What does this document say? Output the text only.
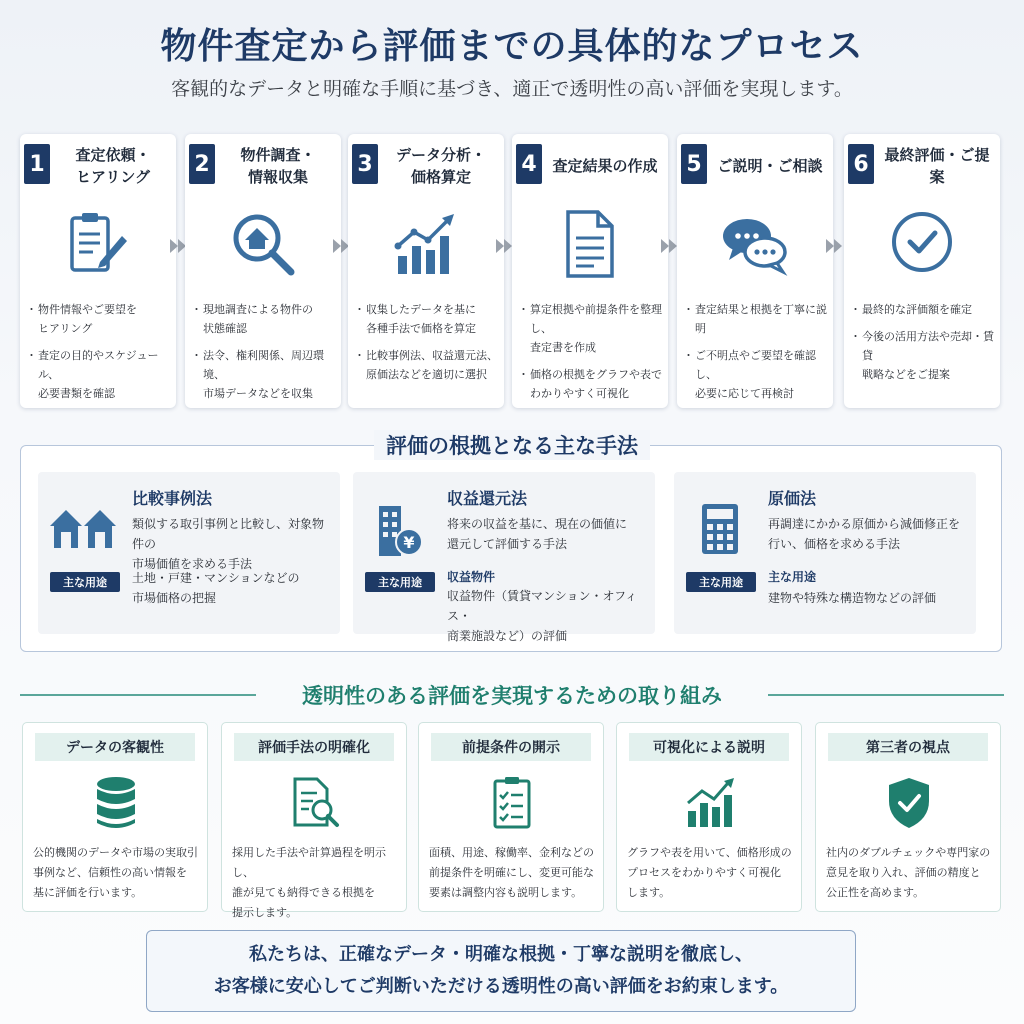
物件査定から評価までの具体的なプロセス
客観的なデータと明確な手順に基づき、適正で透明性の高い評価を実現します。
1	査定依頼・
ヒアリング
・ 物件情報やご要望を
ヒアリング
・ 査定の目的やスケジュール、
必要書類を確認
2	物件調査・
情報収集
・ 現地調査による物件の
状態確認
・ 法令、権利関係、周辺環境、
市場データなどを収集
3	データ分析・
価格算定
・ 収集したデータを基に
各種手法で価格を算定
・ 比較事例法、収益還元法、
原価法などを適切に選択
4	査定結果の作成
・ 算定根拠や前提条件を整理し、
査定書を作成
・ 価格の根拠をグラフや表で
わかりやすく可視化
5	ご説明・ご相談
・ 査定結果と根拠を丁寧に説明
・ ご不明点やご要望を確認し、
必要に応じて再検討
6	最終評価・ご提案
・ 最終的な評価額を確定
・ 今後の活用方法や売却・賃貸
戦略などをご提案
評価の根拠となる主な手法
比較事例法
類似する取引事例と比較し、対象物件の
市場価値を求める手法
主な用途	土地・戸建・マンションなどの
市場価格の把握
¥
収益還元法
将来の収益を基に、現在の価値に
還元して評価する手法
主な用途	収益物件
収益物件（賃貸マンション・オフィス・
商業施設など）の評価
原価法
再調達にかかる原価から減価修正を
行い、価格を求める手法
主な用途	主な用途
建物や特殊な構造物などの評価
透明性のある評価を実現するための取り組み
データの客観性
公的機関のデータや市場の実取引
事例など、信頼性の高い情報を
基に評価を行います。
評価手法の明確化
採用した手法や計算過程を明示し、
誰が見ても納得できる根拠を
提示します。
前提条件の開示
面積、用途、稼働率、金利などの
前提条件を明確にし、変更可能な
要素は調整内容も説明します。
可視化による説明
グラフや表を用いて、価格形成の
プロセスをわかりやすく可視化
します。
第三者の視点
社内のダブルチェックや専門家の
意見を取り入れ、評価の精度と
公正性を高めます。
私たちは、正確なデータ・明確な根拠・丁寧な説明を徹底し、
お客様に安心してご判断いただける透明性の高い評価をお約束します。
